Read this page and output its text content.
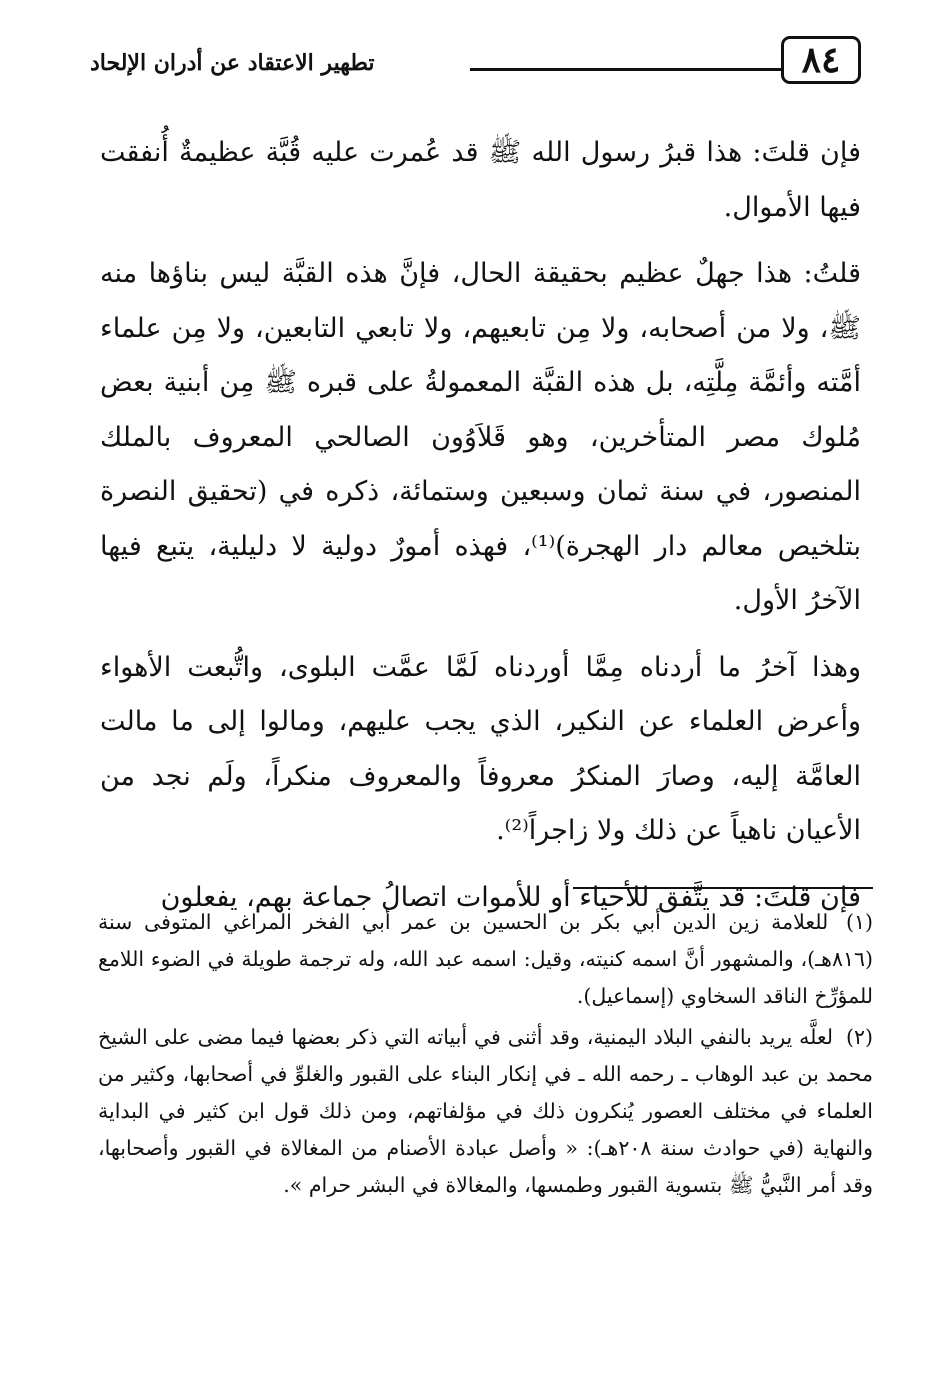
٨٤
تطهير الاعتقاد عن أدران الإلحاد

فإن قلتَ: هذا قبرُ رسول الله ﷺ قد عُمرت عليه قُبَّة عظيمةٌ أُنفقت فيها الأموال.

قلتُ: هذا جهلٌ عظيم بحقيقة الحال، فإنَّ هذه القبَّة ليس بناؤها منه ﷺ، ولا من أصحابه، ولا مِن تابعيهم، ولا تابعي التابعين، ولا مِن علماء أمَّته وأئمَّة مِلَّتِه، بل هذه القبَّة المعمولةُ على قبره ﷺ مِن أبنية بعض مُلوك مصر المتأخرين، وهو قَلاَوُون الصالحي المعروف بالملك المنصور، في سنة ثمان وسبعين وستمائة، ذكره في (تحقيق النصرة بتلخيص معالم دار الهجرة)⁽¹⁾، فهذه أمورٌ دولية لا دليلية، يتبع فيها الآخرُ الأول.

وهذا آخرُ ما أردناه مِمَّا أوردناه لَمَّا عمَّت البلوى، واتُّبعت الأهواء وأعرض العلماء عن النكير، الذي يجب عليهم، ومالوا إلى ما مالت العامَّة إليه، وصارَ المنكرُ معروفاً والمعروف منكراً، ولَم نجد من الأعيان ناهياً عن ذلك ولا زاجراً⁽²⁾.

فإن قلتَ: قد يتَّفق للأحياء أو للأموات اتصالُ جماعة بهم، يفعلون

(١) للعلامة زين الدين أبي بكر بن الحسين بن عمر أبي الفخر المراغي المتوفى سنة (٨١٦هـ)، والمشهور أنَّ اسمه كنيته، وقيل: اسمه عبد الله، وله ترجمة طويلة في الضوء اللامع للمؤرِّخ الناقد السخاوي (إسماعيل).

(٢) لعلَّه يريد بالنفي البلاد اليمنية، وقد أثنى في أبياته التي ذكر بعضها فيما مضى على الشيخ محمد بن عبد الوهاب ـ رحمه الله ـ في إنكار البناء على القبور والغلوِّ في أصحابها، وكثير من العلماء في مختلف العصور يُنكرون ذلك في مؤلفاتهم، ومن ذلك قول ابن كثير في البداية والنهاية (في حوادث سنة ٢٠٨هـ): « وأصل عبادة الأصنام من المغالاة في القبور وأصحابها، وقد أمر النَّبيُّ ﷺ بتسوية القبور وطمسها، والمغالاة في البشر حرام ».
